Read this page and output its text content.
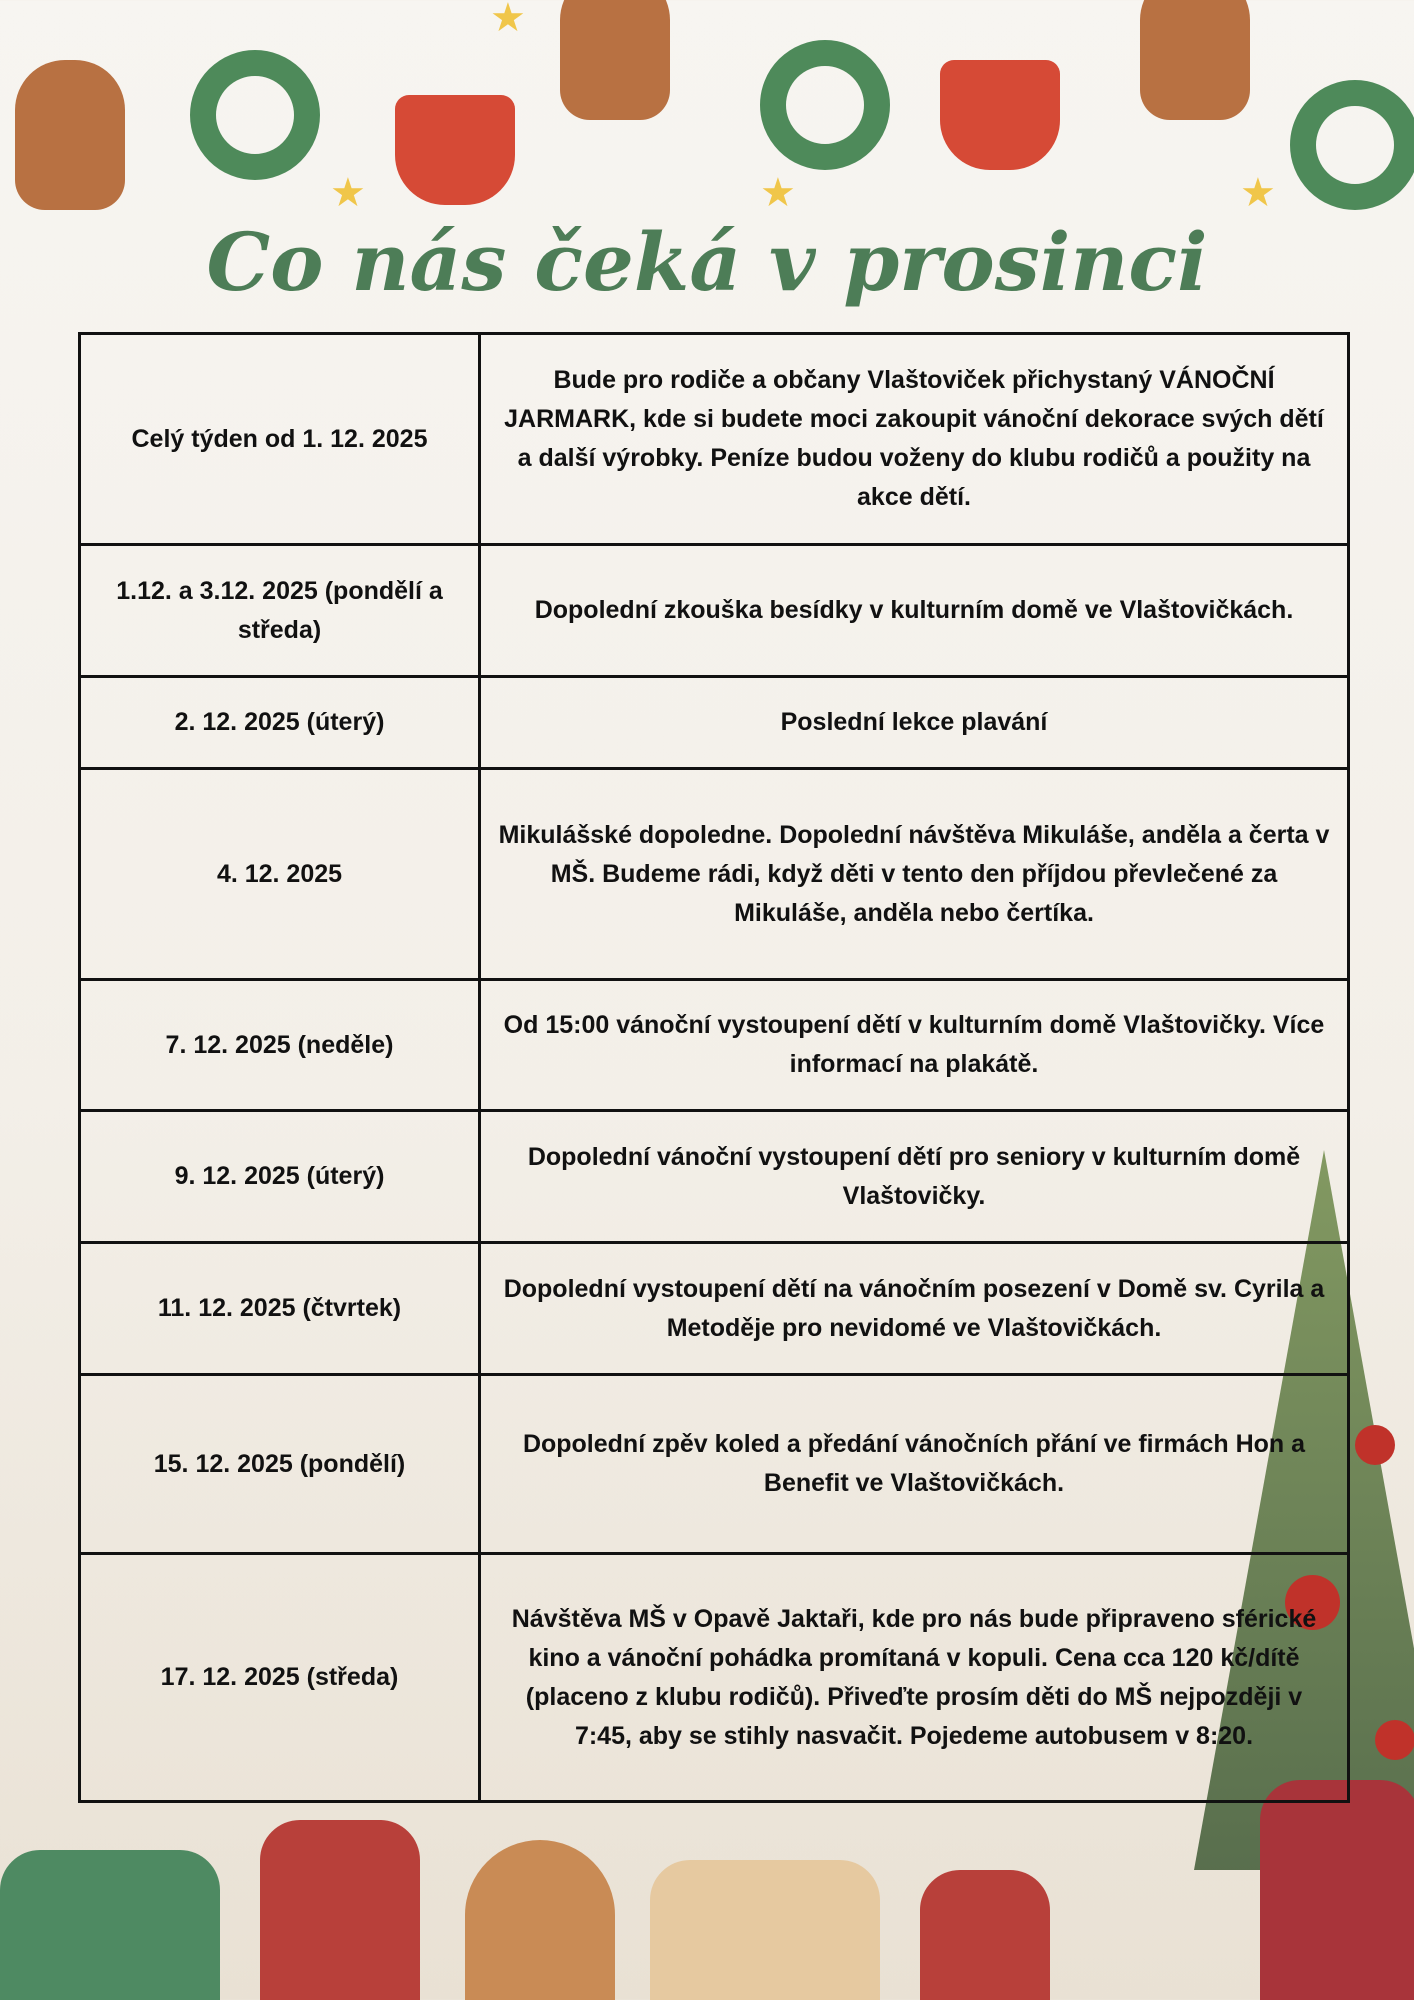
★	★	★
★
Co nás čeká v prosinci
Celý týden od 1. 12. 2025	Bude pro rodiče a občany Vlaštoviček přichystaný VÁNOČNÍ JARMARK, kde si budete moci zakoupit vánoční dekorace svých dětí a další výrobky. Peníze budou voženy do klubu rodičů a použity na akce dětí.
1.12. a 3.12. 2025 (pondělí a středa)	Dopolední zkouška besídky v kulturním domě ve Vlaštovičkách.
2. 12. 2025 (úterý)	Poslední lekce plavání
4. 12. 2025	Mikulášské dopoledne. Dopolední návštěva Mikuláše, anděla a čerta v MŠ. Budeme rádi, když děti v tento den příjdou převlečené za Mikuláše, anděla nebo čertíka.
7. 12. 2025 (neděle)	Od 15:00 vánoční vystoupení dětí v kulturním domě Vlaštovičky. Více informací na plakátě.
9. 12. 2025 (úterý)	Dopolední vánoční vystoupení dětí pro seniory v kulturním domě Vlaštovičky.
11. 12. 2025 (čtvrtek)	Dopolední vystoupení dětí na vánočním posezení v Domě sv. Cyrila a Metoděje pro nevidomé ve Vlaštovičkách.
15. 12. 2025 (pondělí)	Dopolední zpěv koled a předání vánočních přání ve firmách Hon a Benefit ve Vlaštovičkách.
17. 12. 2025 (středa)	Návštěva MŠ v Opavě Jaktaři, kde pro nás bude připraveno sférické kino a vánoční pohádka promítaná v kopuli. Cena cca 120 kč/dítě (placeno z klubu rodičů). Přiveďte prosím děti do MŠ nejpozději v 7:45, aby se stihly nasvačit. Pojedeme autobusem v 8:20.
